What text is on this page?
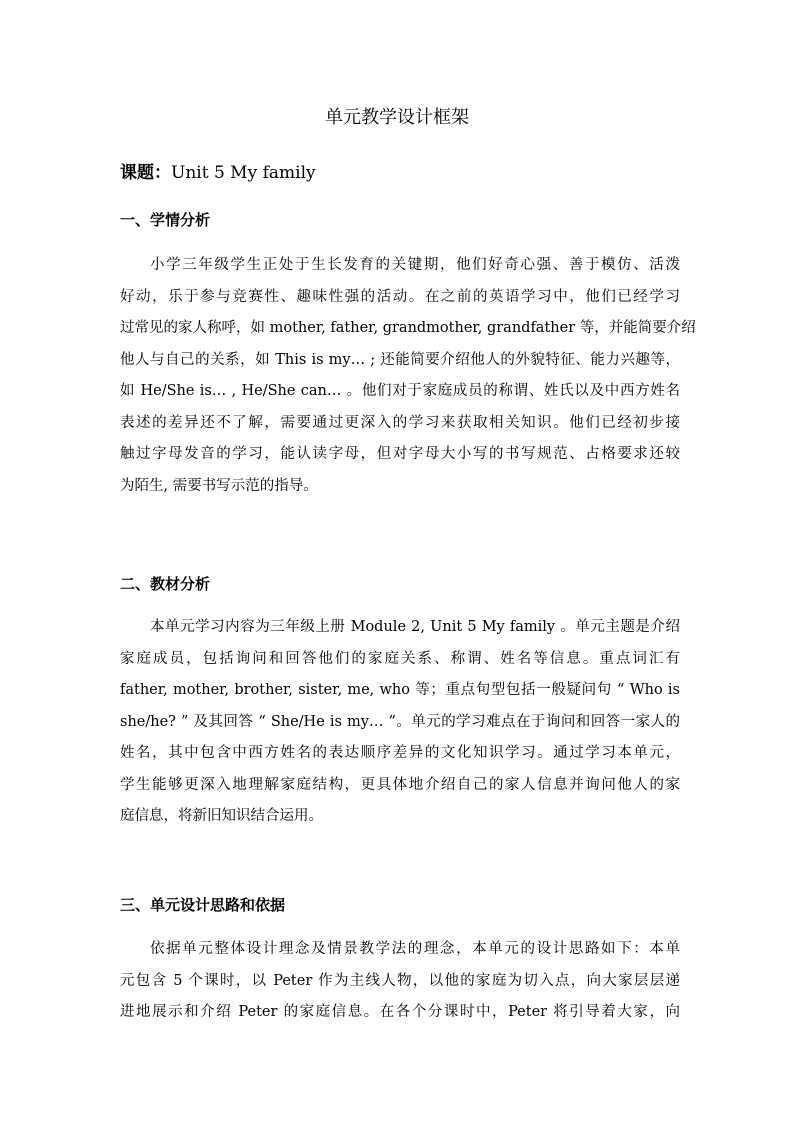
单元教学设计框架

课题：Unit 5 My family

一、学情分析
小学三年级学生正处于生长发育的关键期，他们好奇心强、善于模仿、活泼
好动，乐于参与竞赛性、趣味性强的活动。在之前的英语学习中，他们已经学习
过常见的家人称呼，如 mother, father, grandmother, grandfather 等，并能简要介绍
他人与自己的关系，如 This is my… ; 还能简要介绍他人的外貌特征、能力兴趣等，
如 He/She is… , He/She can… 。他们对于家庭成员的称谓、姓氏以及中西方姓名
表述的差异还不了解，需要通过更深入的学习来获取相关知识。他们已经初步接
触过字母发音的学习，能认读字母，但对字母大小写的书写规范、占格要求还较
为陌生, 需要书写示范的指导。
二、教材分析
本单元学习内容为三年级上册 Module 2, Unit 5 My family 。单元主题是介绍
家庭成员，包括询问和回答他们的家庭关系、称谓、姓名等信息。重点词汇有
father, mother, brother, sister, me, who 等；重点句型包括一般疑问句 “ Who is
she/he? ” 及其回答 “ She/He is my… ”。单元的学习难点在于询问和回答一家人的
姓名，其中包含中西方姓名的表达顺序差异的文化知识学习。通过学习本单元，
学生能够更深入地理解家庭结构，更具体地介绍自己的家人信息并询问他人的家
庭信息，将新旧知识结合运用。
三、单元设计思路和依据
依据单元整体设计理念及情景教学法的理念，本单元的设计思路如下：本单
元包含 5 个课时，以 Peter 作为主线人物，以他的家庭为切入点，向大家层层递
进地展示和介绍 Peter 的家庭信息。在各个分课时中，Peter 将引导着大家，向
